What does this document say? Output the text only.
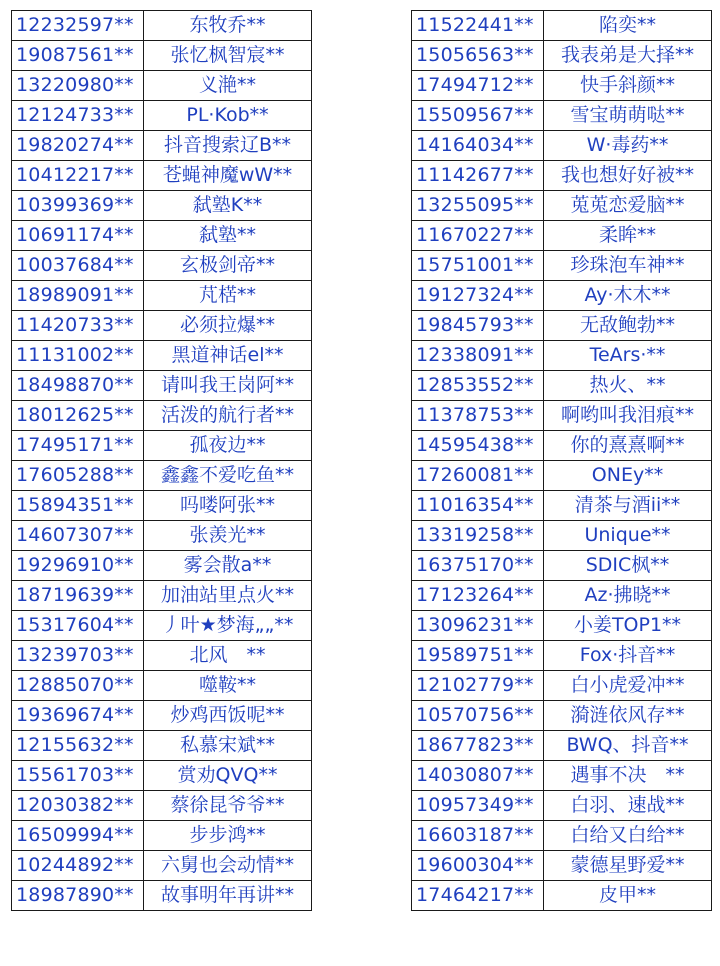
12232597**	东牧乔**
19087561**	张忆枫智宸**
13220980**	义滟**
12124733**	PL·Kob**
19820274**	抖音搜索辽B**
10412217**	苍蝇神魔wW**
10399369**	弑塾K**
10691174**	弑塾**
10037684**	玄极剑帝**
18989091**	芃楛**
11420733**	必须拉爆**
11131002**	黑道神话el**
18498870**	请叫我王岗阿**
18012625**	活泼的航行者**
17495171**	孤夜边**
17605288**	鑫鑫不爱吃鱼**
15894351**	吗喽阿张**
14607307**	张羡光**
19296910**	雾会散a**
18719639**	加油站里点火**
15317604**	丿叶★梦海„„**
13239703**	北风　**
12885070**	噬鞍**
19369674**	炒鸡西饭呢**
12155632**	私慕宋斌**
15561703**	赏劝QVQ**
12030382**	蔡徐昆爷爷**
16509994**	步步鸿**
10244892**	六舅也会动情**
18987890**	故事明年再讲**
11522441**	陷奕**
15056563**	我表弟是大择**
17494712**	快手斜颜**
15509567**	雪宝萌萌哒**
14164034**	W·毒药**
11142677**	我也想好好被**
13255095**	莵莵恋爱脑**
11670227**	柔眸**
15751001**	珍珠泡车神**
19127324**	Ay·木木**
19845793**	无敌鲍勃**
12338091**	TeArs·**
12853552**	热火、**
11378753**	啊哟叫我泪痕**
14595438**	你的熹熹啊**
17260081**	ONEy**
11016354**	清茶与酒ii**
13319258**	Unique**
16375170**	SDIC枫**
17123264**	Az·拂晓**
13096231**	小姜TOP1**
19589751**	Fox·抖音**
12102779**	白小虎爱冲**
10570756**	漪涟依风存**
18677823**	BWQ、抖音**
14030807**	遇事不决　**
10957349**	白羽、速战**
16603187**	白给又白给**
19600304**	蒙德星野爱**
17464217**	皮甲**
